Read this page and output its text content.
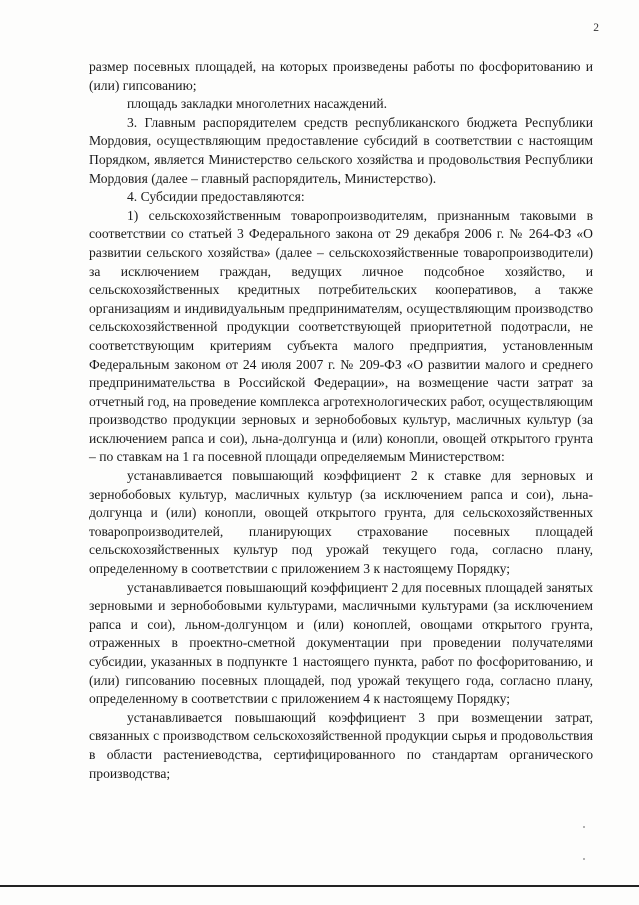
2

размер посевных площадей, на которых произведены работы по фосфоритованию и (или) гипсованию;

площадь закладки многолетних насаждений.

3. Главным распорядителем средств республиканского бюджета Республики Мордовия, осуществляющим предоставление субсидий в соответствии с настоящим Порядком, является Министерство сельского хозяйства и продовольствия Республики Мордовия (далее – главный распорядитель, Министерство).

4. Субсидии предоставляются:

1) сельскохозяйственным товаропроизводителям, признанным таковыми в соответствии со статьей 3 Федерального закона от 29 декабря 2006 г. № 264-ФЗ «О развитии сельского хозяйства» (далее – сельскохозяйственные товаропроизводители) за исключением граждан, ведущих личное подсобное хозяйство, и сельскохозяйственных кредитных потребительских кооперативов, а также организациям и индивидуальным предпринимателям, осуществляющим производство сельскохозяйственной продукции соответствующей приоритетной подотрасли, не соответствующим критериям субъекта малого предприятия, установленным Федеральным законом от 24 июля 2007 г. № 209-ФЗ «О развитии малого и среднего предпринимательства в Российской Федерации», на возмещение части затрат за отчетный год, на проведение комплекса агротехнологических работ, осуществляющим производство продукции зерновых и зернобобовых культур, масличных культур (за исключением рапса и сои), льна-долгунца и (или) конопли, овощей открытого грунта – по ставкам на 1 га посевной площади определяемым Министерством:

устанавливается повышающий коэффициент 2 к ставке для зерновых и зернобобовых культур, масличных культур (за исключением рапса и сои), льна-долгунца и (или) конопли, овощей открытого грунта, для сельскохозяйственных товаропроизводителей, планирующих страхование посевных площадей сельскохозяйственных культур под урожай текущего года, согласно плану, определенному в соответствии с приложением 3 к настоящему Порядку;

устанавливается повышающий коэффициент 2 для посевных площадей занятых зерновыми и зернобобовыми культурами, масличными культурами (за исключением рапса и сои), льном-долгунцом и (или) коноплей, овощами открытого грунта, отраженных в проектно-сметной документации при проведении получателями субсидии, указанных в подпункте 1 настоящего пункта, работ по фосфоритованию, и (или) гипсованию посевных площадей, под урожай текущего года, согласно плану, определенному в соответствии с приложением 4 к настоящему Порядку;

устанавливается повышающий коэффициент 3 при возмещении затрат, связанных с производством сельскохозяйственной продукции сырья и продовольствия в области растениеводства, сертифицированного по стандартам органического производства;
